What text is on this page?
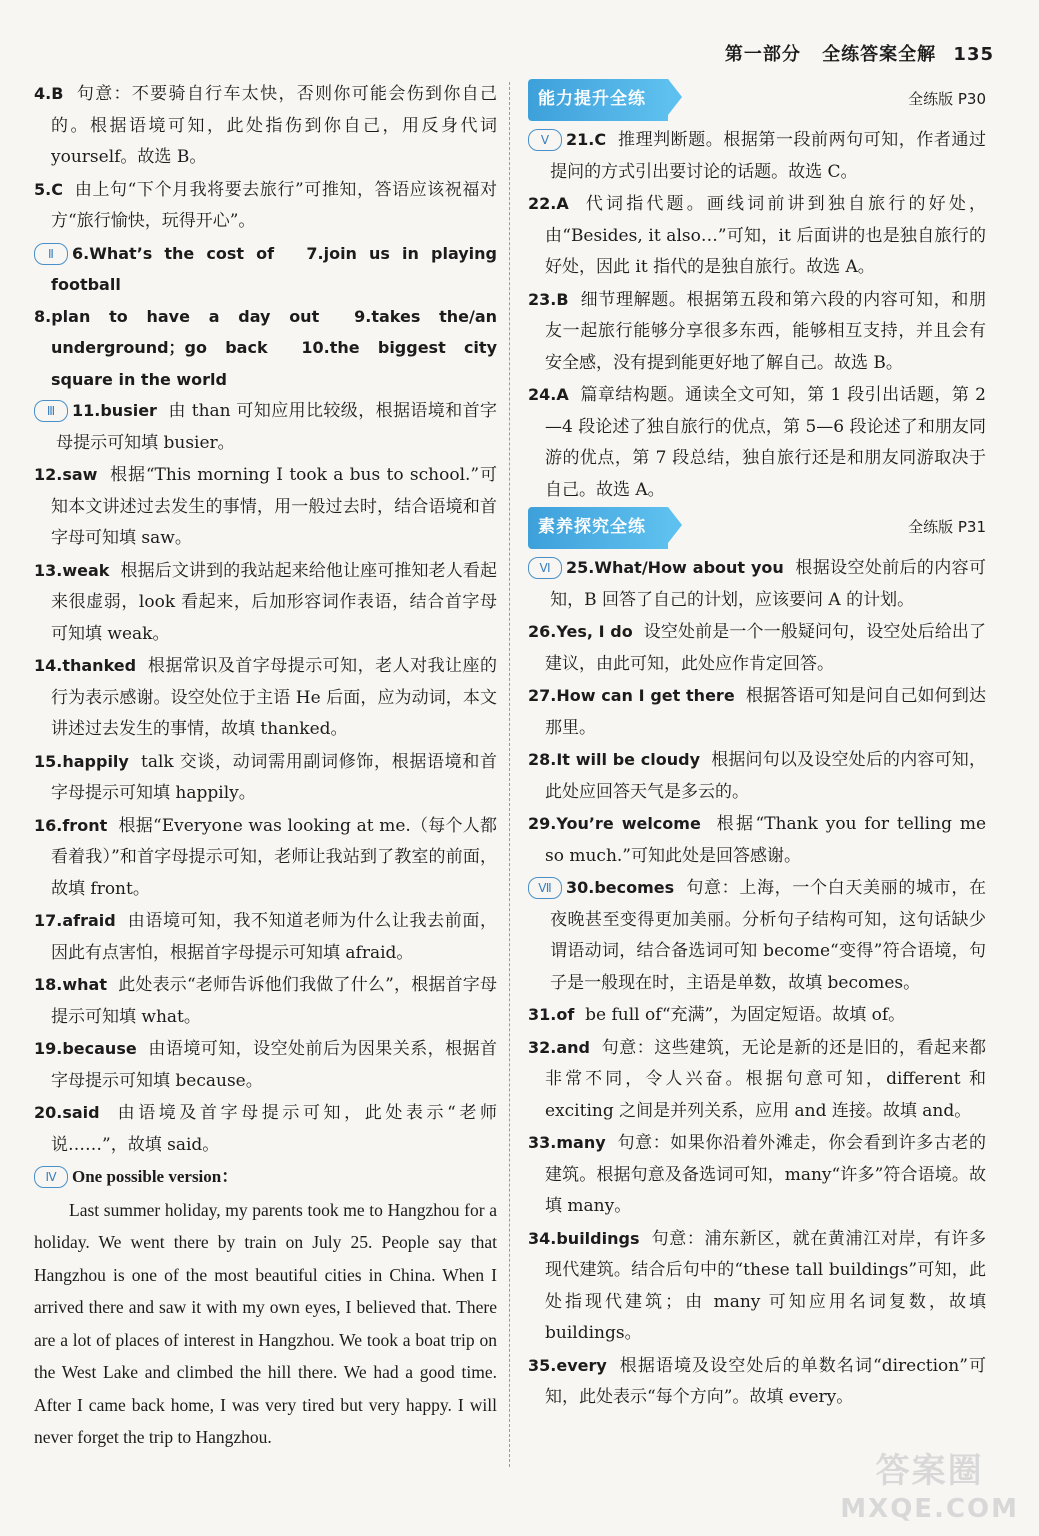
第一部分 全练答案全解 135
4.B 句意：不要骑自行车太快，否则你可能会伤到你自己的。根据语境可知，此处指伤到你自己，用反身代词 yourself。故选 B。
5.C 由上句“下个月我将要去旅行”可推知，答语应该祝福对方“旅行愉快，玩得开心”。
Ⅱ 6.What’s the cost of 7.join us in playing football
8.plan to have a day out 9.takes the/an underground；go back 10.the biggest city square in the world
Ⅲ 11.busier 由 than 可知应用比较级，根据语境和首字母提示可知填 busier。
12.saw 根据“This morning I took a bus to school.”可知本文讲述过去发生的事情，用一般过去时，结合语境和首字母可知填 saw。
13.weak 根据后文讲到的我站起来给他让座可推知老人看起来很虚弱，look 看起来，后加形容词作表语，结合首字母可知填 weak。
14.thanked 根据常识及首字母提示可知，老人对我让座的行为表示感谢。设空处位于主语 He 后面，应为动词，本文讲述过去发生的事情，故填 thanked。
15.happily talk 交谈，动词需用副词修饰，根据语境和首字母提示可知填 happily。
16.front 根据“Everyone was looking at me.（每个人都看着我）”和首字母提示可知，老师让我站到了教室的前面，故填 front。
17.afraid 由语境可知，我不知道老师为什么让我去前面，因此有点害怕，根据首字母提示可知填 afraid。
18.what 此处表示“老师告诉他们我做了什么”，根据首字母提示可知填 what。
19.because 由语境可知，设空处前后为因果关系，根据首字母提示可知填 because。
20.said 由语境及首字母提示可知，此处表示“老师说……”，故填 said。
Ⅳ One possible version：

Last summer holiday, my parents took me to Hangzhou for a holiday. We went there by train on July 25. People say that Hangzhou is one of the most beautiful cities in China. When I arrived there and saw it with my own eyes, I believed that. There are a lot of places of interest in Hangzhou. We took a boat trip on the West Lake and climbed the hill there. We had a good time. After I came back home, I was very tired but very happy. I will never forget the trip to Hangzhou.

能力提升全练	全练版 P30
Ⅴ 21.C 推理判断题。根据第一段前两句可知，作者通过提问的方式引出要讨论的话题。故选 C。
22.A 代词指代题。画线词前讲到独自旅行的好处，由“Besides, it also…”可知，it 后面讲的也是独自旅行的好处，因此 it 指代的是独自旅行。故选 A。
23.B 细节理解题。根据第五段和第六段的内容可知，和朋友一起旅行能够分享很多东西，能够相互支持，并且会有安全感，没有提到能更好地了解自己。故选 B。
24.A 篇章结构题。通读全文可知，第 1 段引出话题，第 2—4 段论述了独自旅行的优点，第 5—6 段论述了和朋友同游的优点，第 7 段总结，独自旅行还是和朋友同游取决于自己。故选 A。
素养探究全练	全练版 P31
Ⅵ 25.What/How about you 根据设空处前后的内容可知，B 回答了自己的计划，应该要问 A 的计划。
26.Yes, I do 设空处前是一个一般疑问句，设空处后给出了建议，由此可知，此处应作肯定回答。
27.How can I get there 根据答语可知是问自己如何到达那里。
28.It will be cloudy 根据问句以及设空处后的内容可知，此处应回答天气是多云的。
29.You’re welcome 根据“Thank you for telling me so much.”可知此处是回答感谢。
Ⅶ 30.becomes 句意：上海，一个白天美丽的城市，在夜晚甚至变得更加美丽。分析句子结构可知，这句话缺少谓语动词，结合备选词可知 become“变得”符合语境，句子是一般现在时，主语是单数，故填 becomes。
31.of be full of“充满”，为固定短语。故填 of。
32.and 句意：这些建筑，无论是新的还是旧的，看起来都非常不同，令人兴奋。根据句意可知，different 和 exciting 之间是并列关系，应用 and 连接。故填 and。
33.many 句意：如果你沿着外滩走，你会看到许多古老的建筑。根据句意及备选词可知，many“许多”符合语境。故填 many。
34.buildings 句意：浦东新区，就在黄浦江对岸，有许多现代建筑。结合后句中的“these tall buildings”可知，此处指现代建筑；由 many 可知应用名词复数，故填 buildings。
35.every 根据语境及设空处后的单数名词“direction”可知，此处表示“每个方向”。故填 every。
答案圈
MXQE.COM
